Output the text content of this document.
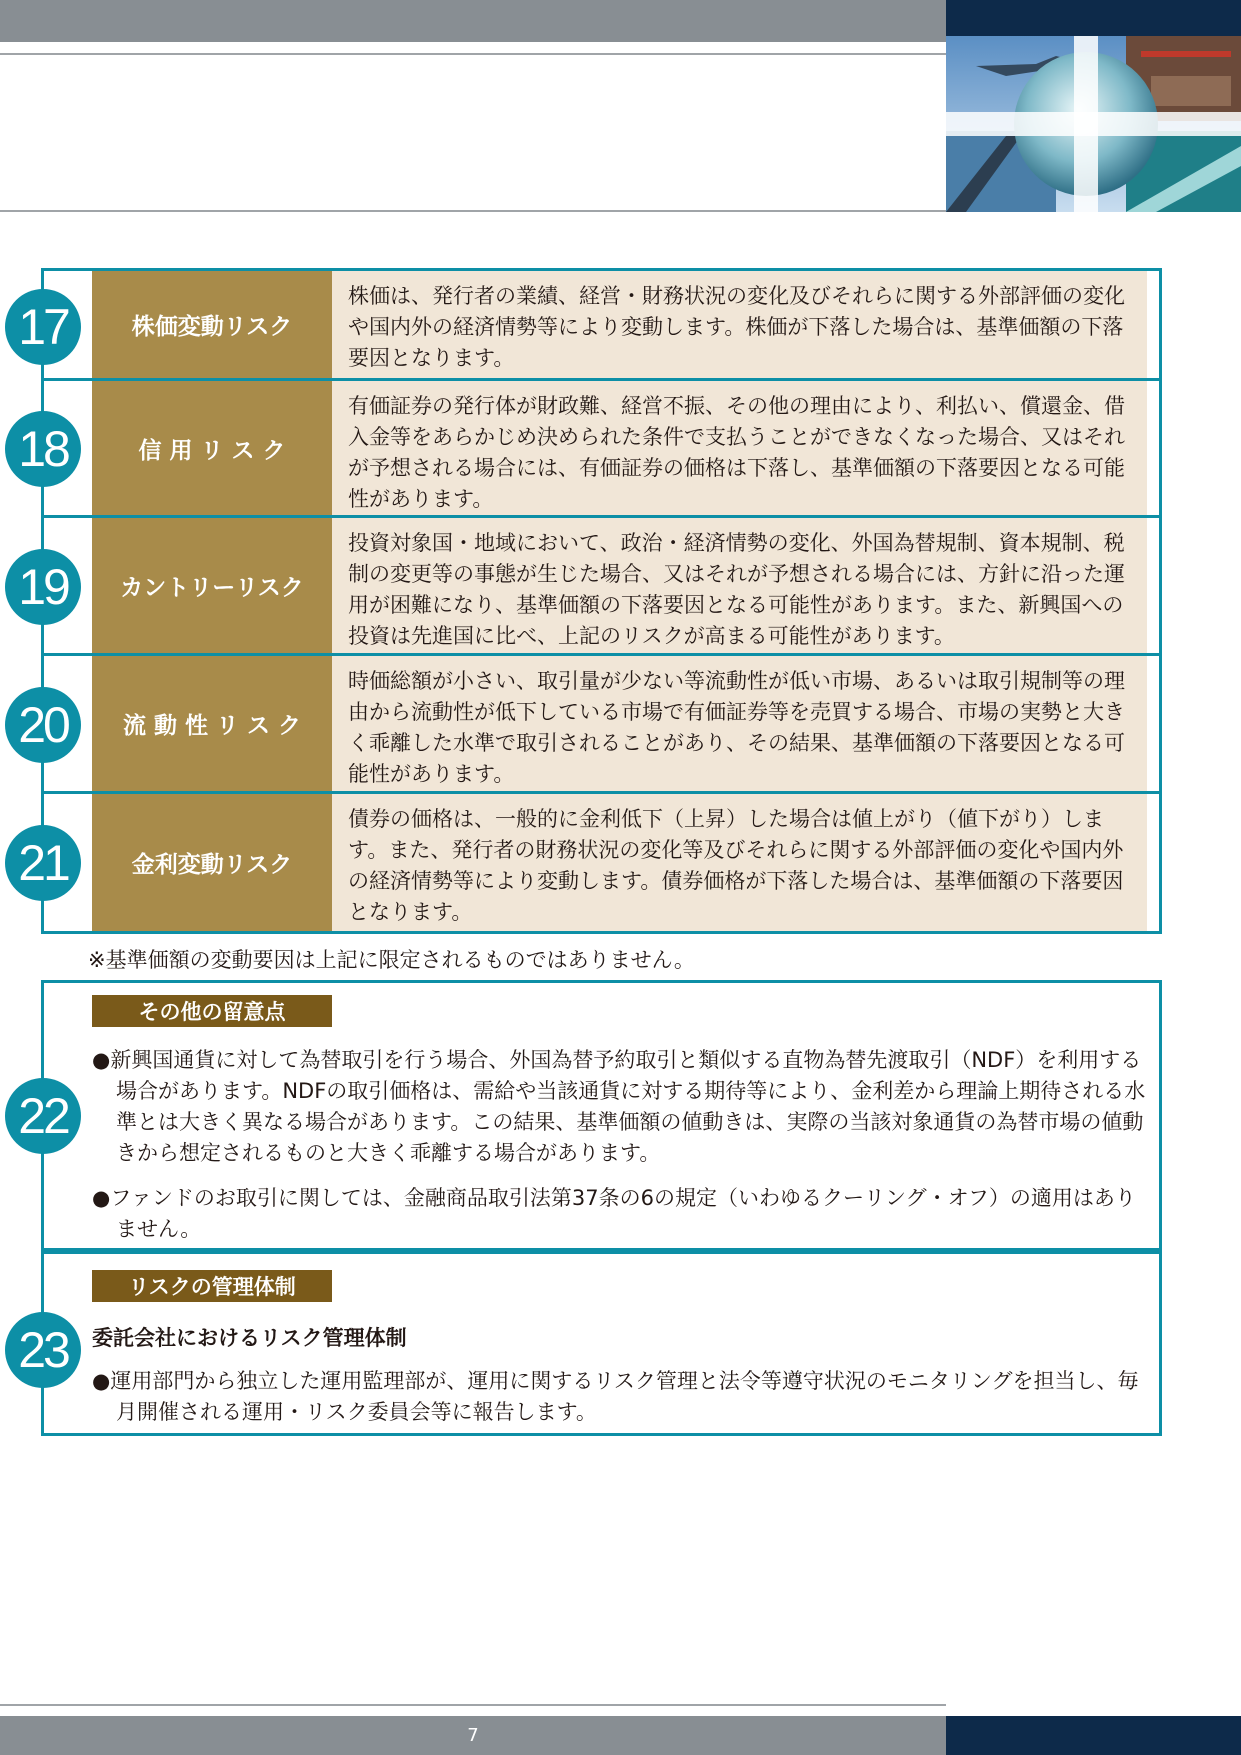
株価変動リスク
株価は、発行者の業績、経営・財務状況の変化及びそれらに関する外部評価の変化や国内外の経済情勢等により変動します。株価が下落した場合は、基準価額の下落要因となります。
信 用 リ ス ク
有価証券の発行体が財政難、経営不振、その他の理由により、利払い、償還金、借入金等をあらかじめ決められた条件で支払うことができなくなった場合、又はそれが予想される場合には、有価証券の価格は下落し、基準価額の下落要因となる可能性があります。
カントリーリスク
投資対象国・地域において、政治・経済情勢の変化、外国為替規制、資本規制、税制の変更等の事態が生じた場合、又はそれが予想される場合には、方針に沿った運用が困難になり、基準価額の下落要因となる可能性があります。また、新興国への投資は先進国に比べ、上記のリスクが高まる可能性があります。
流 動 性 リ ス ク
時価総額が小さい、取引量が少ない等流動性が低い市場、あるいは取引規制等の理由から流動性が低下している市場で有価証券等を売買する場合、市場の実勢と大きく乖離した水準で取引されることがあり、その結果、基準価額の下落要因となる可能性があります。
金利変動リスク
債券の価格は、一般的に金利低下（上昇）した場合は値上がり（値下がり）します。また、発行者の財務状況の変化等及びそれらに関する外部評価の変化や国内外の経済情勢等により変動します。債券価格が下落した場合は、基準価額の下落要因となります。
17
18
19
20
21
※基準価額の変動要因は上記に限定されるものではありません。
その他の留意点
●新興国通貨に対して為替取引を行う場合、外国為替予約取引と類似する直物為替先渡取引（NDF）を利用する場合があります。NDFの取引価格は、需給や当該通貨に対する期待等により、金利差から理論上期待される水準とは大きく異なる場合があります。この結果、基準価額の値動きは、実際の当該対象通貨の為替市場の値動きから想定されるものと大きく乖離する場合があります。
●ファンドのお取引に関しては、金融商品取引法第37条の6の規定（いわゆるクーリング・オフ）の適用はありません。
22
リスクの管理体制
委託会社におけるリスク管理体制
●運用部門から独立した運用監理部が、運用に関するリスク管理と法令等遵守状況のモニタリングを担当し、毎月開催される運用・リスク委員会等に報告します。
23
7
